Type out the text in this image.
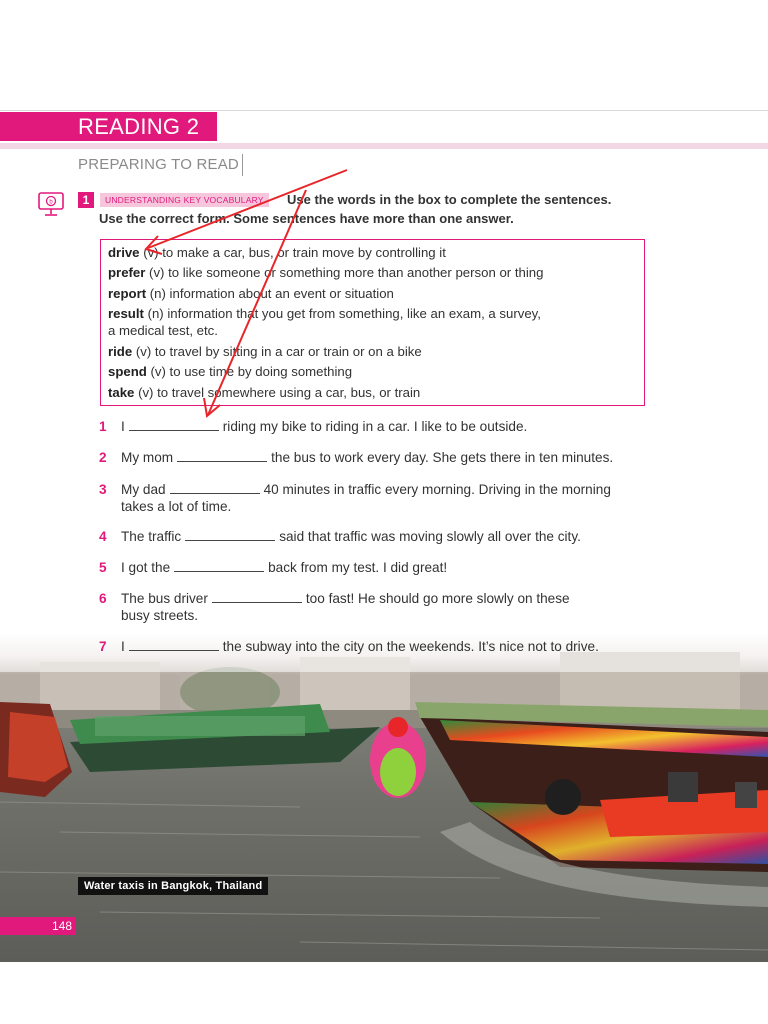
READING 2
PREPARING TO READ
b	1	Use the words in the box to complete the sentences.
Use the correct form. Some sentences have more than one answer.
UNDERSTANDING KEY VOCABULARY
drive (v) to make a car, bus, or train move by controlling it
prefer (v) to like someone or something more than another person or thing
report (n) information about an event or situation
result (n) information that you get from something, like an exam, a survey,
a medical test, etc.
ride (v) to travel by sitting in a car or train or on a bike
spend (v) to use time by doing something
take (v) to travel somewhere using a car, bus, or train
1 I	riding my bike to riding in a car. I like to be outside.
2 My mom	the bus to work every day. She gets there in ten minutes.
3 My dad	40 minutes in traffic every morning. Driving in the morning
takes a lot of time.
4 The traffic	said that traffic was moving slowly all over the city.
5 I got the	back from my test. I did great!
6 The bus driver	too fast! He should go more slowly on these
busy streets.
7 I	the subway into the city on the weekends. It’s nice not to drive.
Water taxis in Bangkok, Thailand
148
